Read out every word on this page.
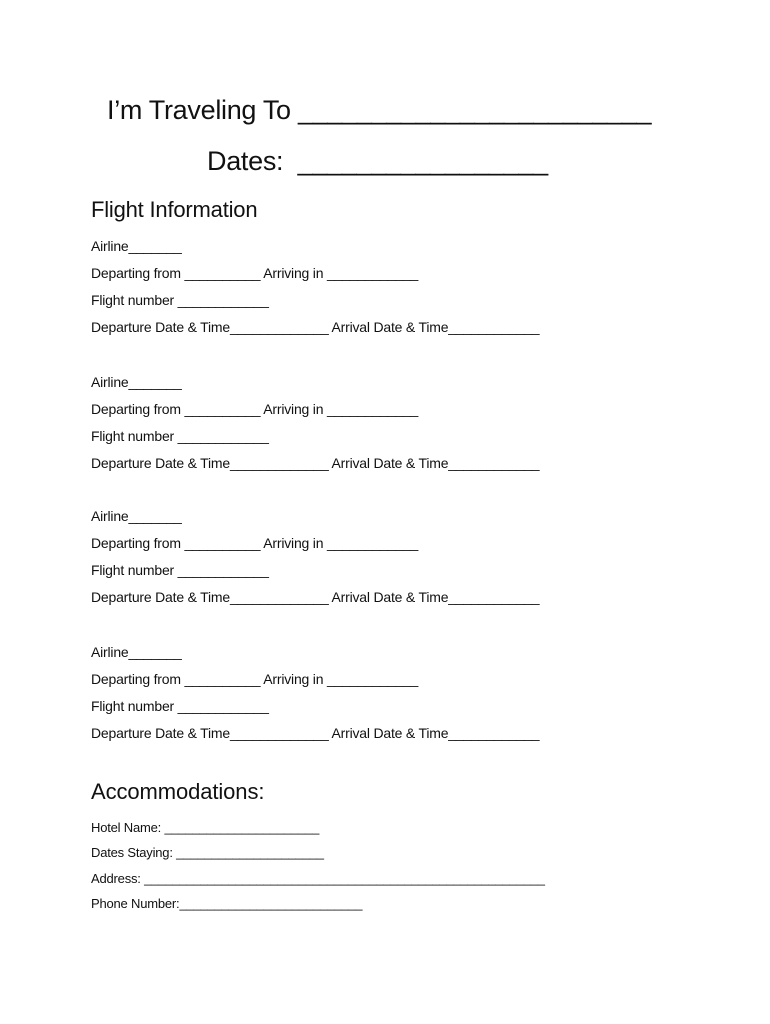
I’m Traveling To ________________________
Dates:  _________________
Flight Information
Airline_______
Departing from __________ Arriving in ____________
Flight number ____________
Departure Date & Time_____________ Arrival Date & Time____________
Airline_______
Departing from __________ Arriving in ____________
Flight number ____________
Departure Date & Time_____________ Arrival Date & Time____________
Airline_______
Departing from __________ Arriving in ____________
Flight number ____________
Departure Date & Time_____________ Arrival Date & Time____________
Airline_______
Departing from __________ Arriving in ____________
Flight number ____________
Departure Date & Time_____________ Arrival Date & Time____________
Accommodations:
Hotel Name: ______________________
Dates Staying: _____________________
Address: _________________________________________________________
Phone Number:__________________________
